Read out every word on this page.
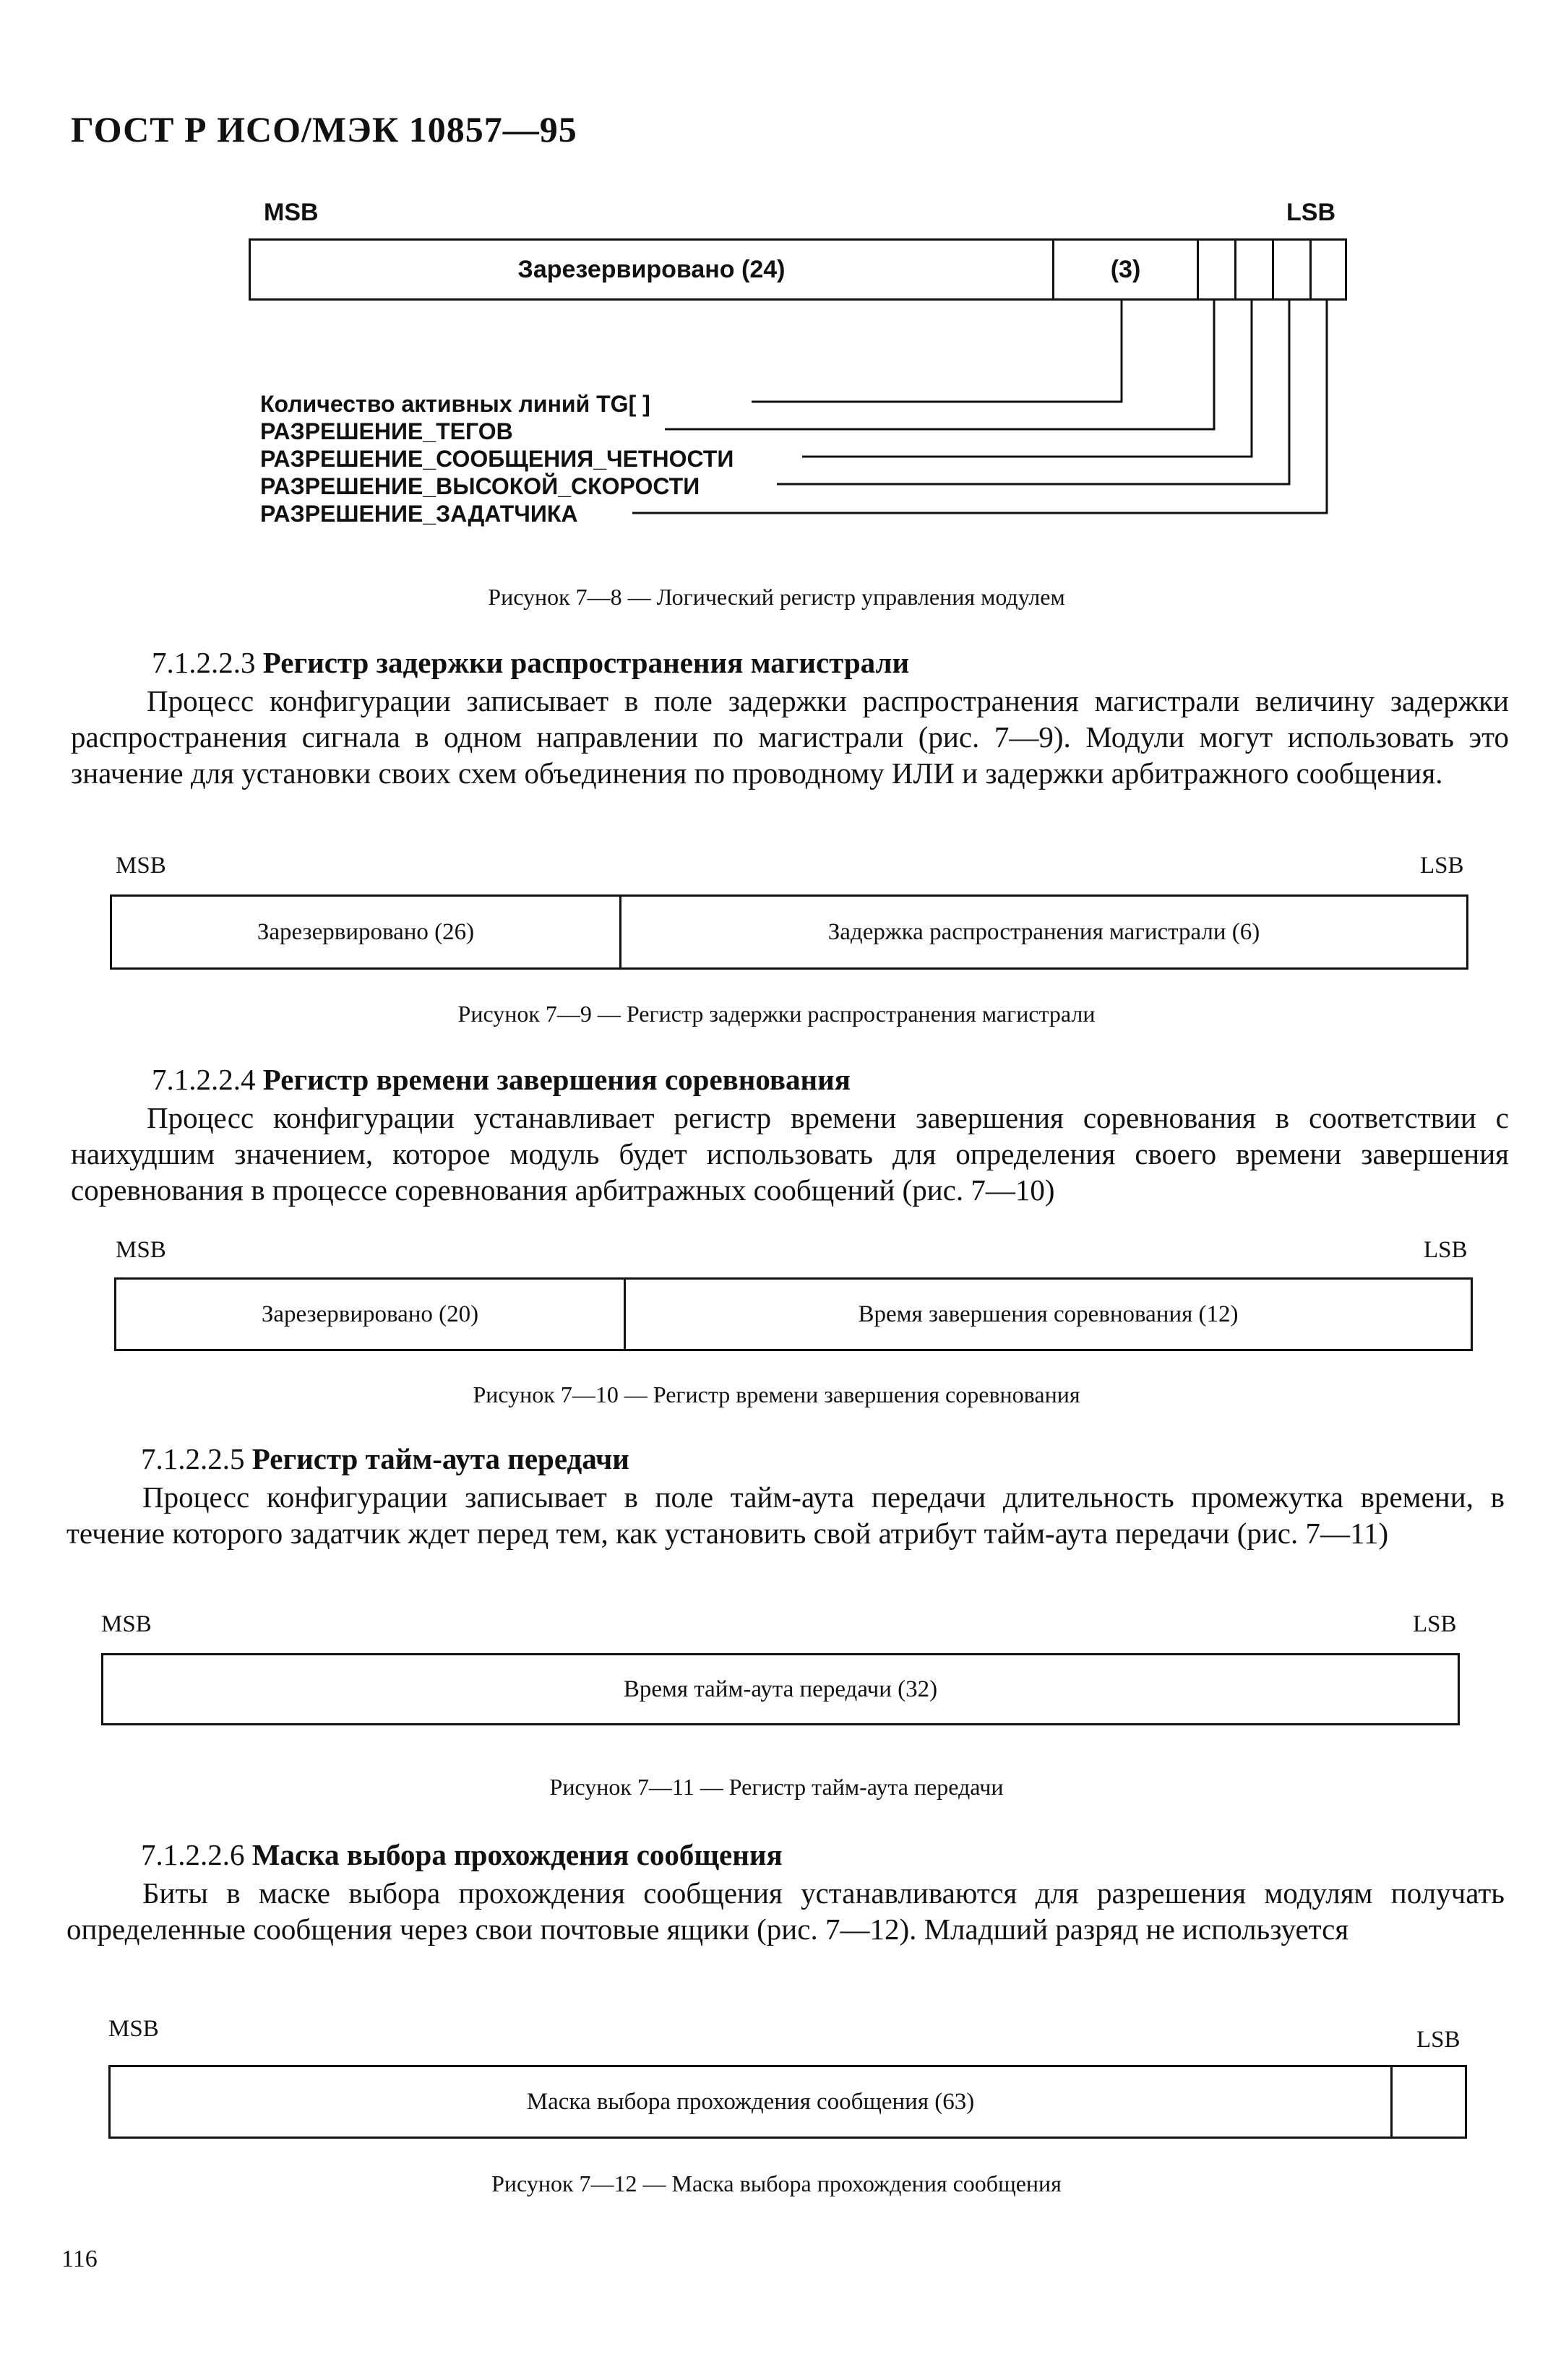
ГОСТ Р ИСО/МЭК 10857—95
MSB	LSB
Зарезервировано (24)	(3)
Количество активных линий TG[ ]
РАЗРЕШЕНИЕ_ТЕГОВ
РАЗРЕШЕНИЕ_СООБЩЕНИЯ_ЧЕТНОСТИ
РАЗРЕШЕНИЕ_ВЫСОКОЙ_СКОРОСТИ
РАЗРЕШЕНИЕ_ЗАДАТЧИКА
Рисунок 7—8 — Логический регистр управления модулем
7.1.2.2.3 Регистр задержки распространения магистрали

Процесс конфигурации записывает в поле задержки распространения магистрали величину задержки распространения сигнала в одном направлении по магистрали (рис. 7—9). Модули могут использовать это значение для установки своих схем объединения по проводному ИЛИ и задержки арбитражного сообщения.

MSB	LSB
Зарезервировано (26)	Задержка распространения магистрали (6)
Рисунок 7—9 — Регистр задержки распространения магистрали
7.1.2.2.4 Регистр времени завершения соревнования

Процесс конфигурации устанавливает регистр времени завершения соревнования в соответствии с наихудшим значением, которое модуль будет использовать для определения своего времени завершения соревнования в процессе соревнования арбитражных сообщений (рис. 7—10)

MSB	LSB
Зарезервировано (20)	Время завершения соревнования (12)
Рисунок 7—10 — Регистр времени завершения соревнования
7.1.2.2.5 Регистр тайм-аута передачи

Процесс конфигурации записывает в поле тайм-аута передачи длительность промежутка времени, в течение которого задатчик ждет перед тем, как установить свой атрибут тайм-аута передачи (рис. 7—11)

MSB	LSB
Время тайм-аута передачи (32)
Рисунок 7—11 — Регистр тайм-аута передачи
7.1.2.2.6 Маска выбора прохождения сообщения

Биты в маске выбора прохождения сообщения устанавливаются для разрешения модулям получать определенные сообщения через свои почтовые ящики (рис. 7—12). Младший разряд не используется

MSB	LSB
Маска выбора прохождения сообщения (63)
Рисунок 7—12 — Маска выбора прохождения сообщения
116
